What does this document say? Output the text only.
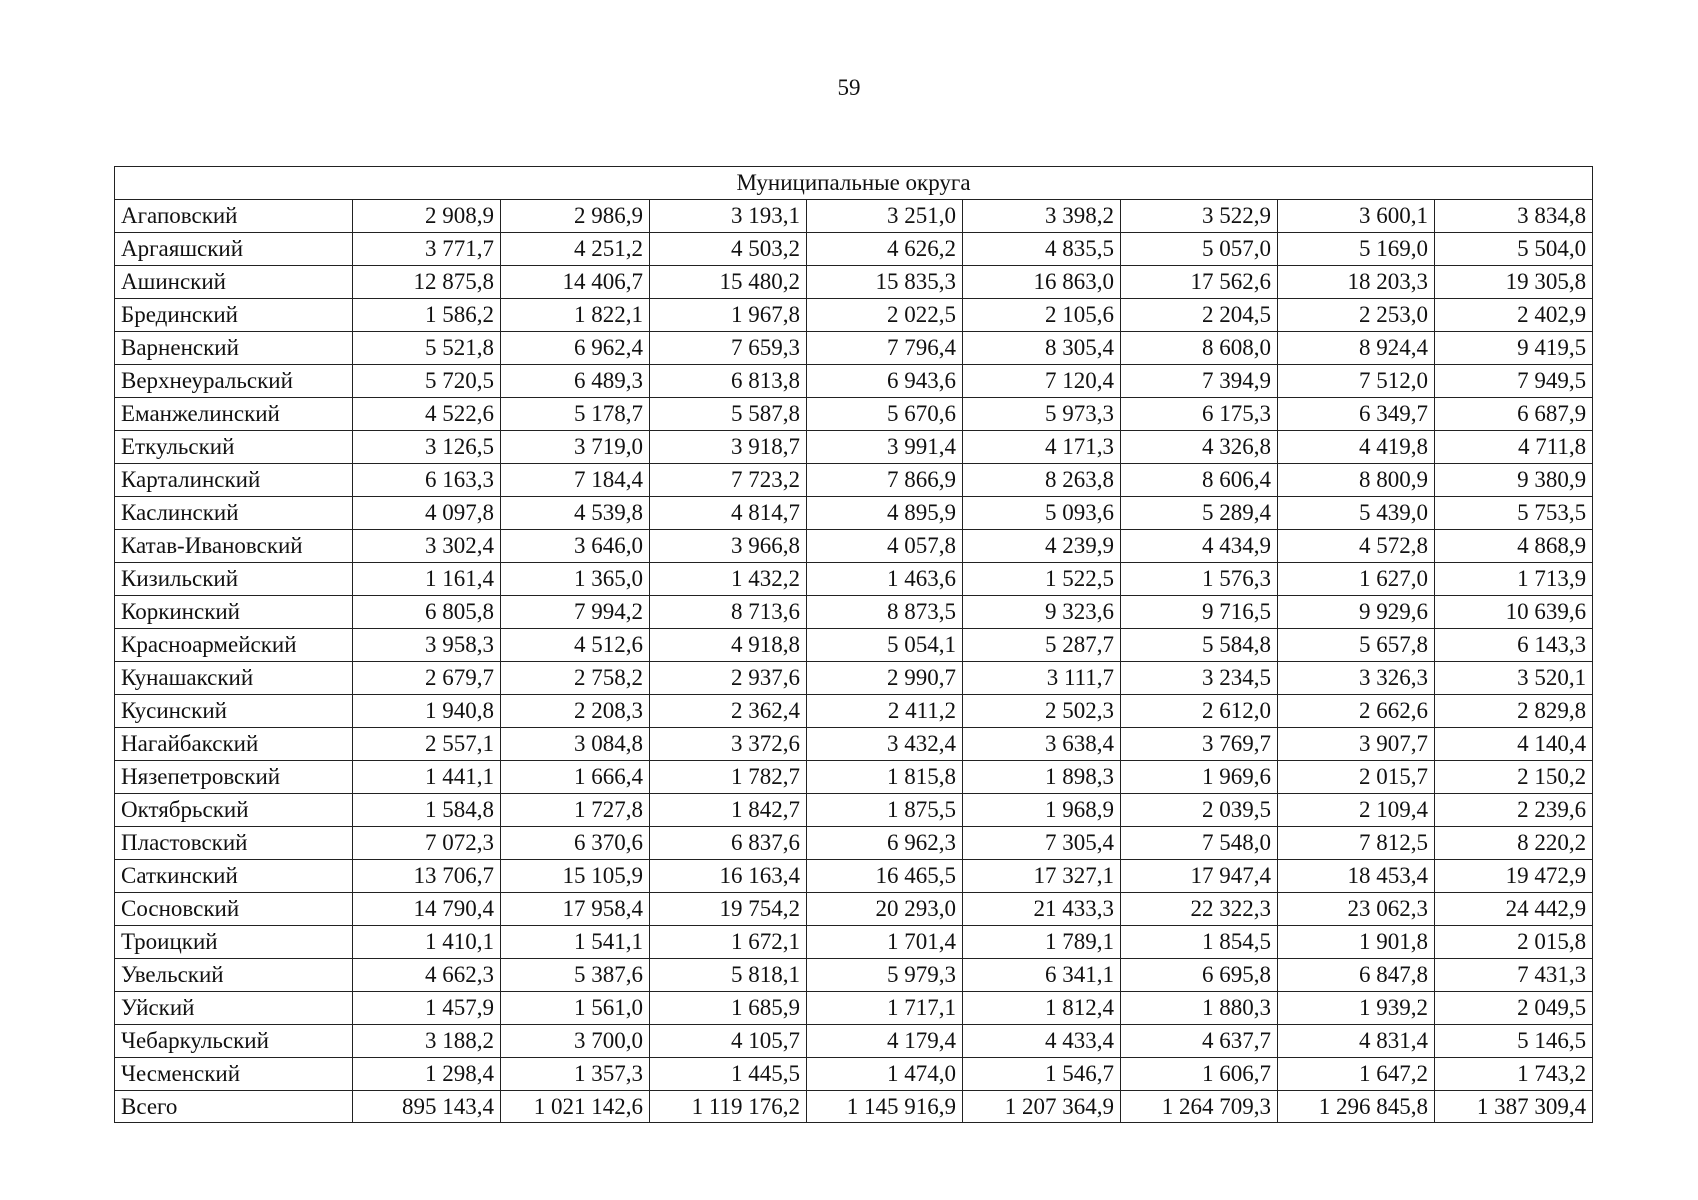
59
Муниципальные округа								
Агаповский	2 908,9	2 986,9	3 193,1	3 251,0	3 398,2	3 522,9	3 600,1	3 834,8
Аргаяшский	3 771,7	4 251,2	4 503,2	4 626,2	4 835,5	5 057,0	5 169,0	5 504,0
Ашинский	12 875,8	14 406,7	15 480,2	15 835,3	16 863,0	17 562,6	18 203,3	19 305,8
Брединский	1 586,2	1 822,1	1 967,8	2 022,5	2 105,6	2 204,5	2 253,0	2 402,9
Варненский	5 521,8	6 962,4	7 659,3	7 796,4	8 305,4	8 608,0	8 924,4	9 419,5
Верхнеуральский	5 720,5	6 489,3	6 813,8	6 943,6	7 120,4	7 394,9	7 512,0	7 949,5
Еманжелинский	4 522,6	5 178,7	5 587,8	5 670,6	5 973,3	6 175,3	6 349,7	6 687,9
Еткульский	3 126,5	3 719,0	3 918,7	3 991,4	4 171,3	4 326,8	4 419,8	4 711,8
Карталинский	6 163,3	7 184,4	7 723,2	7 866,9	8 263,8	8 606,4	8 800,9	9 380,9
Каслинский	4 097,8	4 539,8	4 814,7	4 895,9	5 093,6	5 289,4	5 439,0	5 753,5
Катав-Ивановский	3 302,4	3 646,0	3 966,8	4 057,8	4 239,9	4 434,9	4 572,8	4 868,9
Кизильский	1 161,4	1 365,0	1 432,2	1 463,6	1 522,5	1 576,3	1 627,0	1 713,9
Коркинский	6 805,8	7 994,2	8 713,6	8 873,5	9 323,6	9 716,5	9 929,6	10 639,6
Красноармейский	3 958,3	4 512,6	4 918,8	5 054,1	5 287,7	5 584,8	5 657,8	6 143,3
Кунашакский	2 679,7	2 758,2	2 937,6	2 990,7	3 111,7	3 234,5	3 326,3	3 520,1
Кусинский	1 940,8	2 208,3	2 362,4	2 411,2	2 502,3	2 612,0	2 662,6	2 829,8
Нагайбакский	2 557,1	3 084,8	3 372,6	3 432,4	3 638,4	3 769,7	3 907,7	4 140,4
Нязепетровский	1 441,1	1 666,4	1 782,7	1 815,8	1 898,3	1 969,6	2 015,7	2 150,2
Октябрьский	1 584,8	1 727,8	1 842,7	1 875,5	1 968,9	2 039,5	2 109,4	2 239,6
Пластовский	7 072,3	6 370,6	6 837,6	6 962,3	7 305,4	7 548,0	7 812,5	8 220,2
Саткинский	13 706,7	15 105,9	16 163,4	16 465,5	17 327,1	17 947,4	18 453,4	19 472,9
Сосновский	14 790,4	17 958,4	19 754,2	20 293,0	21 433,3	22 322,3	23 062,3	24 442,9
Троицкий	1 410,1	1 541,1	1 672,1	1 701,4	1 789,1	1 854,5	1 901,8	2 015,8
Увельский	4 662,3	5 387,6	5 818,1	5 979,3	6 341,1	6 695,8	6 847,8	7 431,3
Уйский	1 457,9	1 561,0	1 685,9	1 717,1	1 812,4	1 880,3	1 939,2	2 049,5
Чебаркульский	3 188,2	3 700,0	4 105,7	4 179,4	4 433,4	4 637,7	4 831,4	5 146,5
Чесменский	1 298,4	1 357,3	1 445,5	1 474,0	1 546,7	1 606,7	1 647,2	1 743,2
Всего	895 143,4	1 021 142,6	1 119 176,2	1 145 916,9	1 207 364,9	1 264 709,3	1 296 845,8	1 387 309,4
